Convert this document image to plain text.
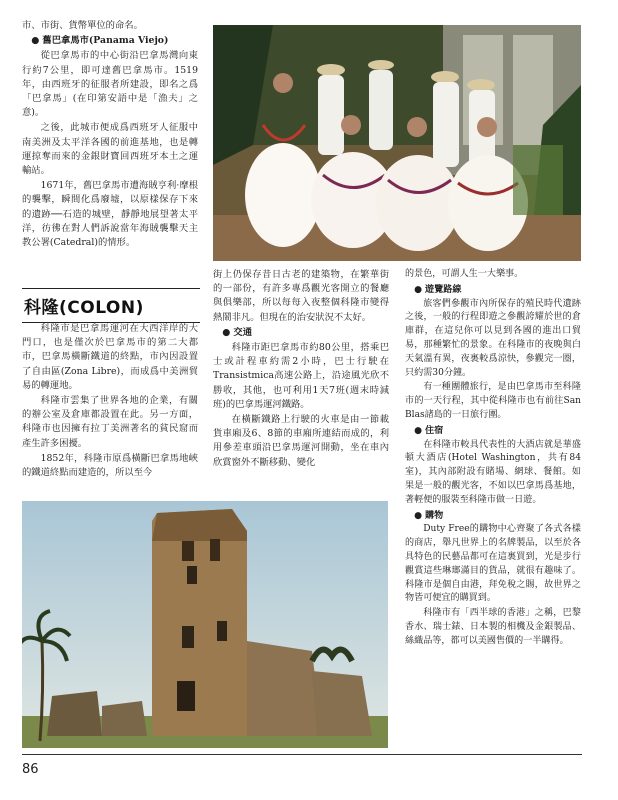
市、市街、貨幣單位的命名。

● 舊巴拿馬市(Panama Viejo)

從巴拿馬市的中心街沿巴拿馬灣向東行約7公里，即可達舊巴拿馬市。1519年，由西班牙的征服者所建設，即名之爲「巴拿馬」(在印第安語中是「漁夫」之意)。

之後，此城市便成爲西班牙人征服中南美洲及太平洋各國的前進基地，也是轉運掠奪而來的金銀財寶回西班牙本土之運輸站。

1671年，舊巴拿馬市遭海賊亨利·摩根的襲擊，瞬間化爲廢墟，以原樣保存下來的遺跡──石造的城壁，靜靜地展望著太平洋，彷彿在對人們訴說當年海賊襲擊天主教公署(Catedral)的情形。

科隆(COLON)

科隆市是巴拿馬運河在大西洋岸的大門口，也是僅次於巴拿馬市的第二大都市，巴拿馬橫斷鐵道的終點，市內因設置了自由區(Zona Libre)，而成爲中美洲貿易的轉運地。

科隆市雲集了世界各地的企業，有關的辦公室及倉庫都設置在此。另一方面，科隆市也因擁有拉丁美洲著名的貧民窟而產生許多困擾。

1852年，科隆市原爲橫斷巴拿馬地峽的鐵道終點而建造的，所以至今

街上仍保存昔日古老的建築物，在繁華街的一部份，有許多專爲觀光客開立的餐廳與俱樂部，所以每每入夜整個科隆市變得熱鬧非凡。但現在的治安狀況不太好。

● 交通

科隆市距巴拿馬市約80公里，搭乘巴士或計程車約需2小時，巴士行駛在Transistmica高速公路上，沿途風光欣不勝收，其他，也可利用1天7班(週末時減班)的巴拿馬運河鐵路。

在橫斷鐵路上行駛的火車是由一節載貨車廂及6、8節的車廂所連結而成的，利用參差車頭沿巴拿馬運河開動，坐在車內欣賞窗外不斷移動、變化

的景色，可謂人生一大樂事。

● 遊覽路線

旅客們參觀市內所保存的殖民時代遺跡之後，一般的行程即遊之參觀誇耀於世的倉庫群，在這兒你可以見到各國的進出口貿易，那種繁忙的景象。在科隆市的夜晚與白天氣溫有異，夜裏較爲涼快，參觀完一圈，只約需30分鐘。

有一種團體旅行，是由巴拿馬市至科隆市的一天行程，其中從科隆市也有前往San Blas諸島的一日旅行團。

● 住宿

在科隆市較具代表性的大酒店就是華盛頓大酒店(Hotel Washington，共有84室)，其內部附設有賭場、網球、餐館。如果是一般的觀光客，不如以巴拿馬爲基地，著輕便的服裝至科隆市做一日遊。

● 購物

Duty Free的購物中心齊聚了各式各樣的商店，舉凡世界上的名牌製品，以至於各具特色的民藝品都可在這裏買到，光是步行觀賞這些琳瑯滿目的貨品，就很有趣味了。科隆市是個自由港，拜免稅之賜，故世界之物皆可便宜的購買到。

科隆市有「西半球的香港」之稱，巴黎香水、瑞士錶、日本製的相機及金銀製品、絲織品等，都可以美國售價的一半購得。

86
